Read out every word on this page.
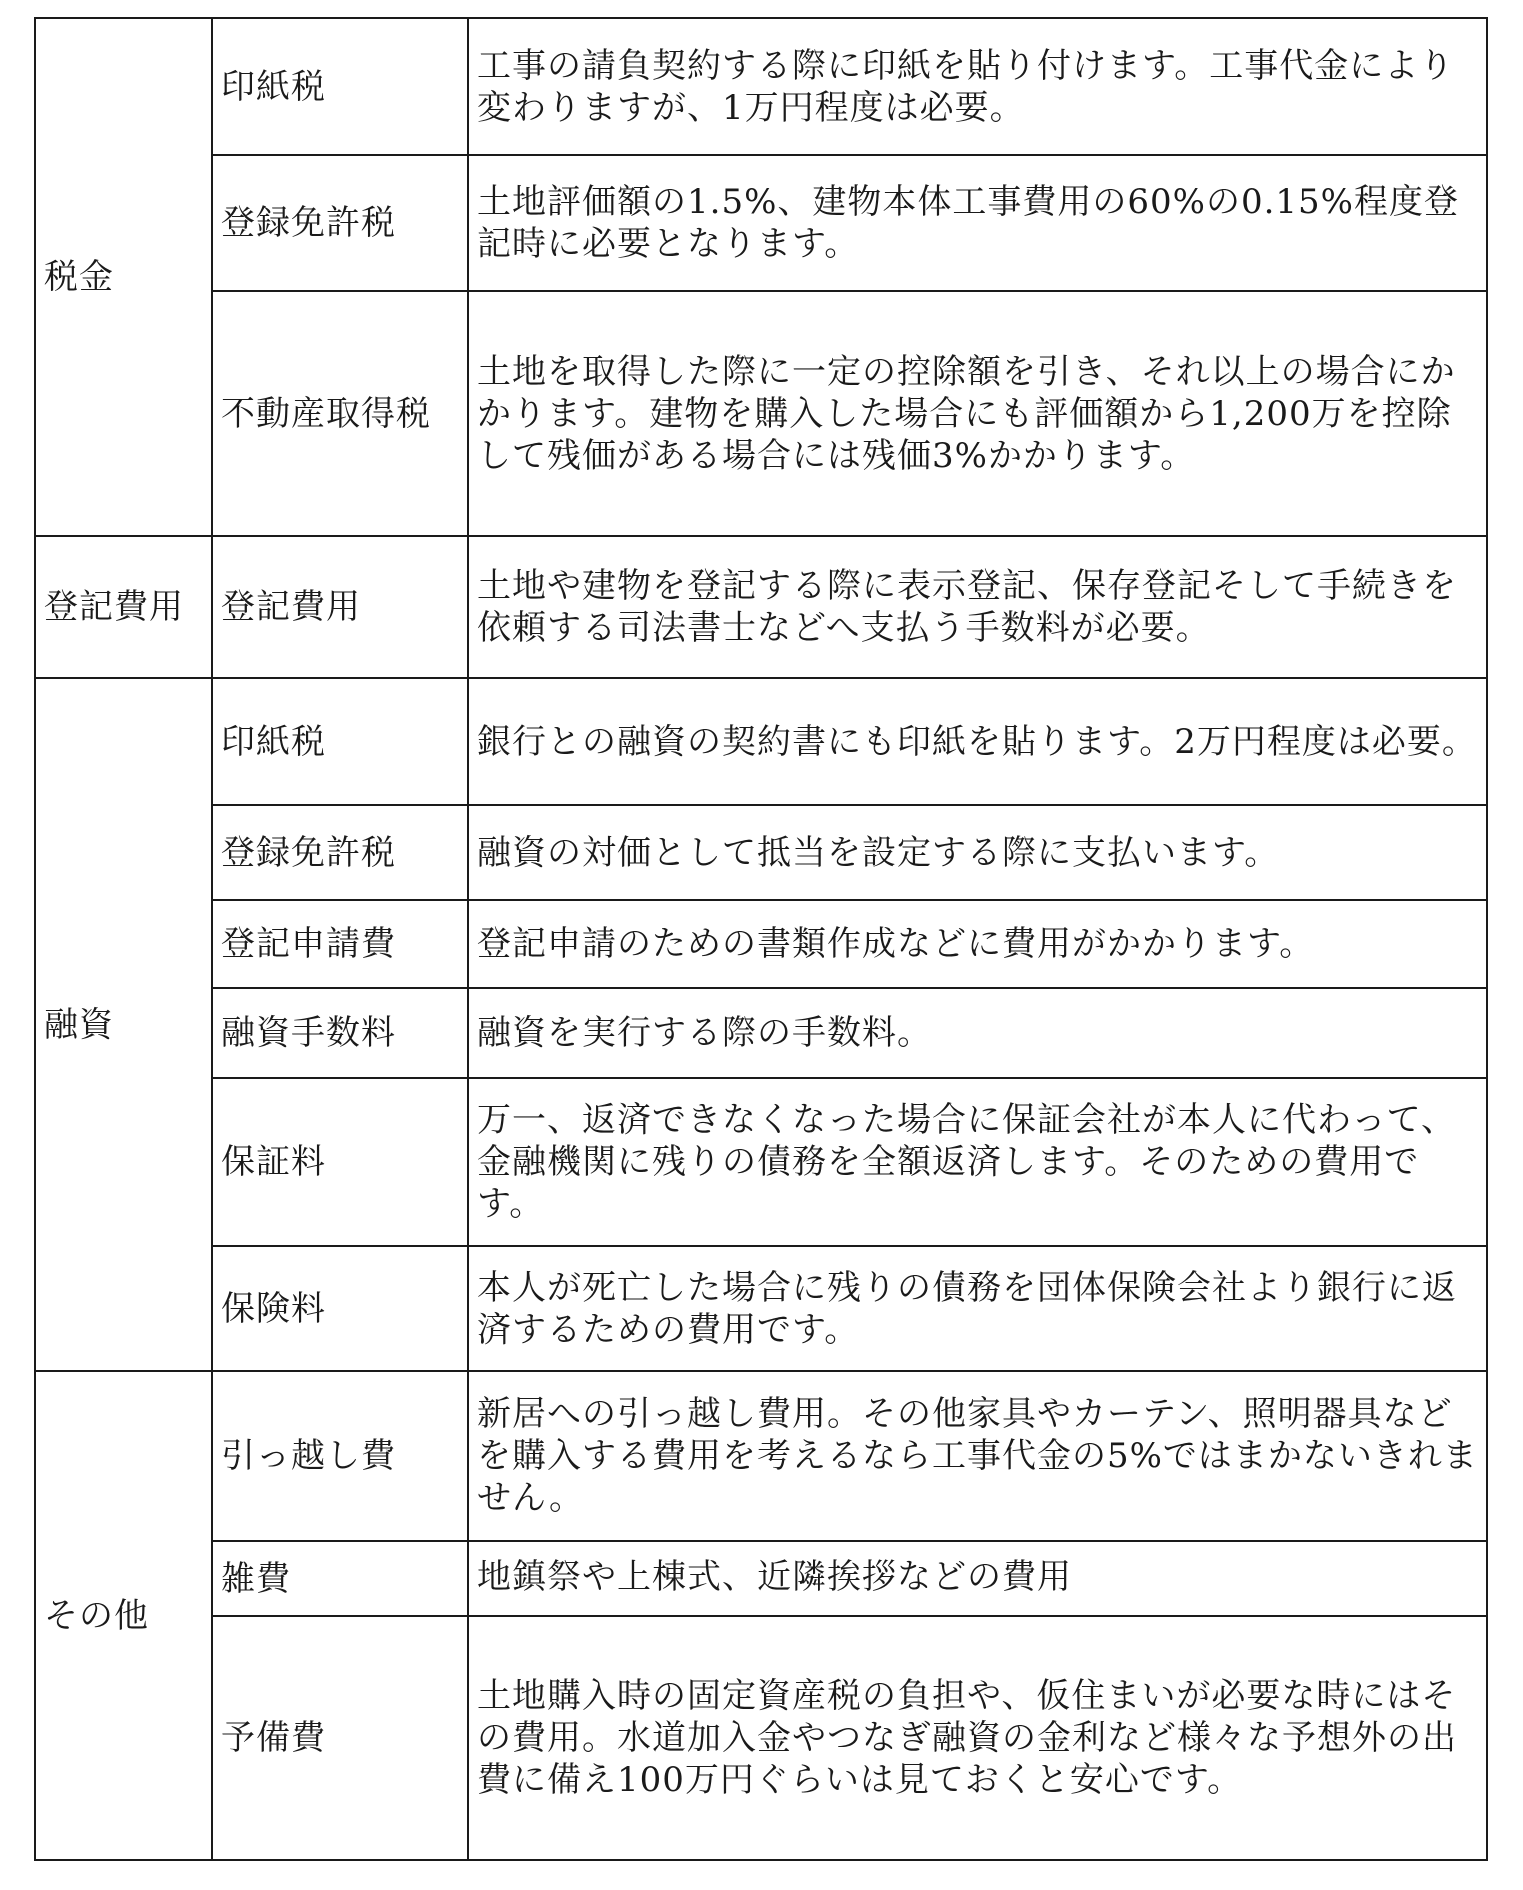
税金	印紙税	工事の請負契約する際に印紙を貼り付けます。工事代金により変わりますが、1万円程度は必要。
	登録免許税	土地評価額の1.5%、建物本体工事費用の60%の0.15%程度登記時に必要となります。
	不動産取得税	土地を取得した際に一定の控除額を引き、それ以上の場合にかかります。建物を購入した場合にも評価額から1,200万を控除して残価がある場合には残価3%かかります。
登記費用	登記費用	土地や建物を登記する際に表示登記、保存登記そして手続きを依頼する司法書士などへ支払う手数料が必要。
融資	印紙税	銀行との融資の契約書にも印紙を貼ります。2万円程度は必要。
	登録免許税	融資の対価として抵当を設定する際に支払います。
	登記申請費	登記申請のための書類作成などに費用がかかります。
	融資手数料	融資を実行する際の手数料。
	保証料	万一、返済できなくなった場合に保証会社が本人に代わって、金融機関に残りの債務を全額返済します。そのための費用です。
	保険料	本人が死亡した場合に残りの債務を団体保険会社より銀行に返済するための費用です。
その他	引っ越し費	新居への引っ越し費用。その他家具やカーテン、照明器具などを購入する費用を考えるなら工事代金の5%ではまかないきれません。
	雑費	地鎮祭や上棟式、近隣挨拶などの費用
	予備費	土地購入時の固定資産税の負担や、仮住まいが必要な時にはその費用。水道加入金やつなぎ融資の金利など様々な予想外の出費に備え100万円ぐらいは見ておくと安心です。
